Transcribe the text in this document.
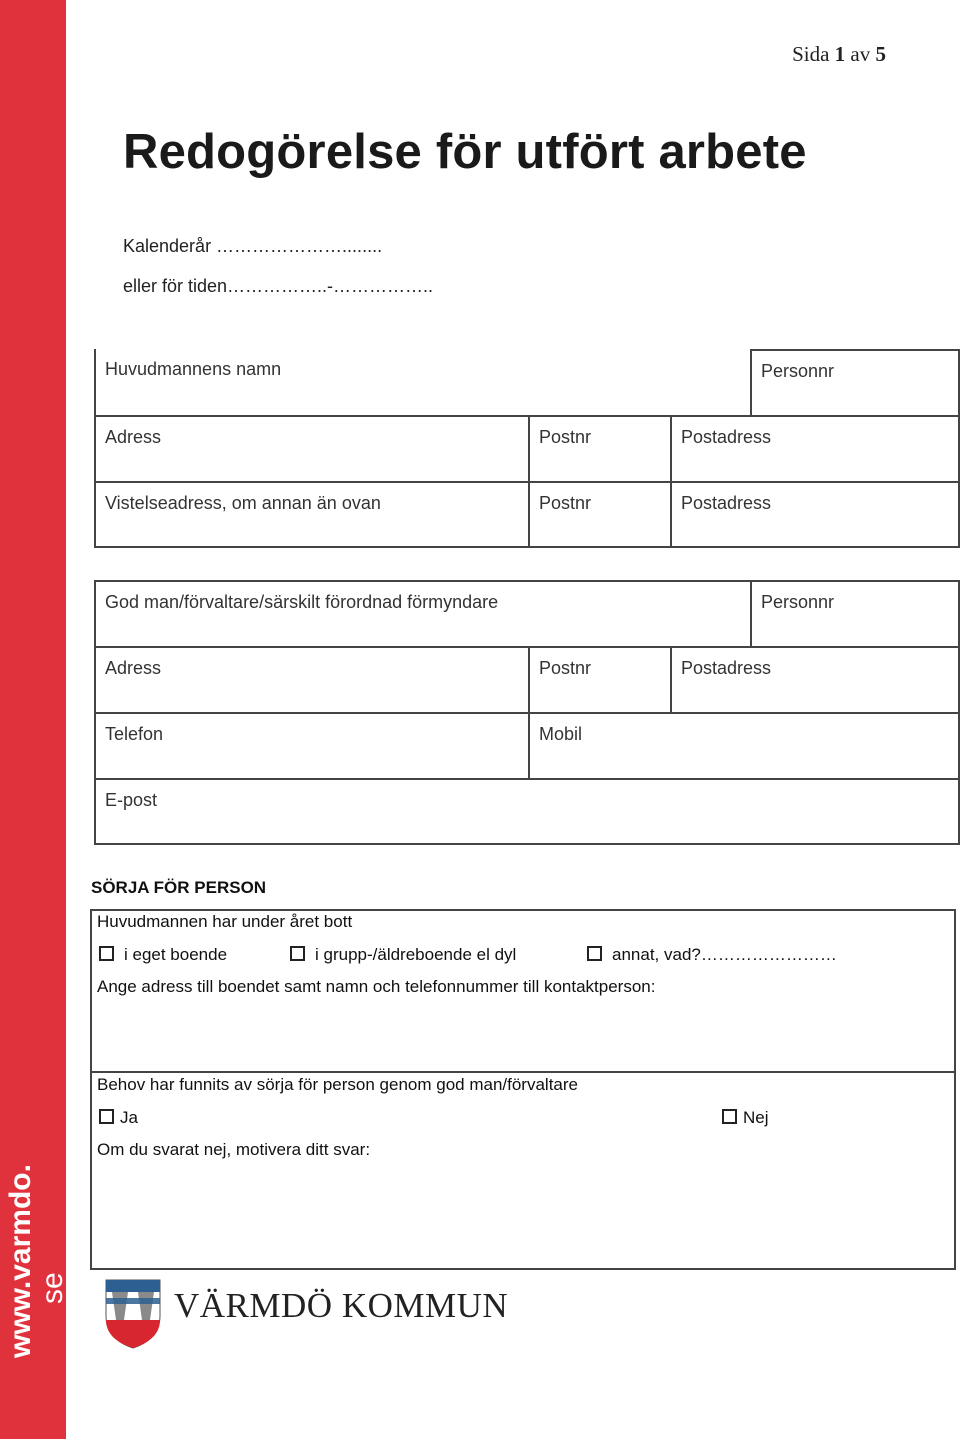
www.varmdo. se
Sida 1 av 5
Redogörelse för utfört arbete
Kalenderår …………………........
eller för tiden……………..-……………..
Huvudmannens namn	Personnr
Adress	Postnr	Postadress
Vistelseadress, om annan än ovan	Postnr	Postadress
God man/förvaltare/särskilt förordnad förmyndare	Personnr
Adress	Postnr	Postadress
Telefon	Mobil
E-post
SÖRJA FÖR PERSON
Huvudmannen har under året bott
i eget boende	i grupp-/äldreboende el dyl	annat, vad?……………………
Ange adress till boendet samt namn och telefonnummer till kontaktperson:
Behov har funnits av sörja för person genom god man/förvaltare
Ja	Nej
Om du svarat nej, motivera ditt svar:
VÄRMDÖ KOMMUN
